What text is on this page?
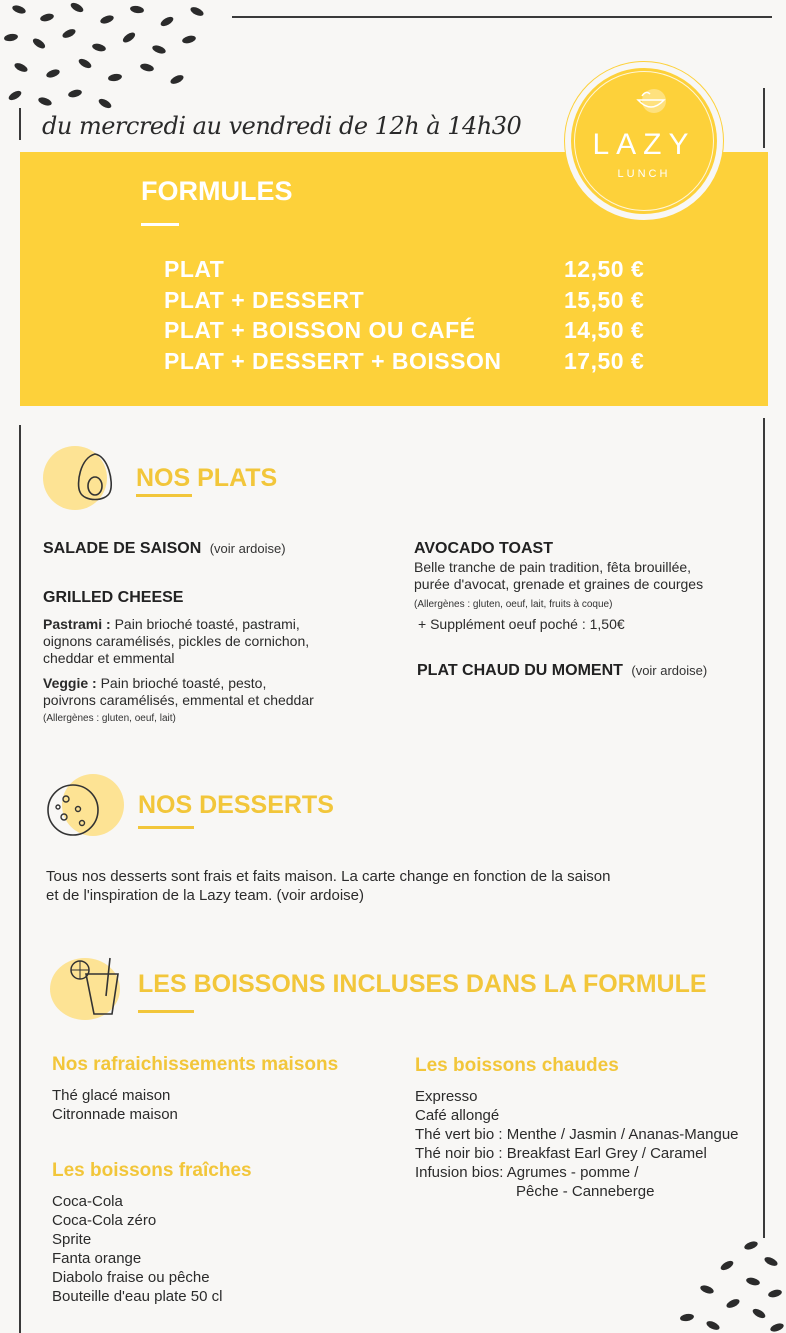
du mercredi au vendredi de 12h à 14h30
FORMULES
PLAT	12,50 €
PLAT + DESSERT	15,50 €
PLAT + BOISSON OU CAFÉ	14,50 €
PLAT + DESSERT + BOISSON	17,50 €
LAZY
LUNCH
NOS PLATS
SALADE DE SAISON (voir ardoise)
GRILLED CHEESE
Pastrami : Pain brioché toasté, pastrami,
oignons caramélisés, pickles de cornichon,
cheddar et emmental
Veggie : Pain brioché toasté, pesto,
poivrons caramélisés, emmental et cheddar
(Allergènes : gluten, oeuf, lait)
AVOCADO TOAST
Belle tranche de pain tradition, fêta brouillée,
purée d'avocat, grenade et graines de courges
(Allergènes : gluten, oeuf, lait, fruits à coque)
+ Supplément oeuf poché : 1,50€
PLAT CHAUD DU MOMENT (voir ardoise)
NOS DESSERTS
Tous nos desserts sont frais et faits maison. La carte change en fonction de la saison
et de l'inspiration de la Lazy team. (voir ardoise)
LES BOISSONS INCLUSES DANS LA FORMULE
Nos rafraichissements maisons
Thé glacé maison
Citronnade maison
Les boissons fraîches
Coca-Cola
Coca-Cola zéro
Sprite
Fanta orange
Diabolo fraise ou pêche
Bouteille d'eau plate 50 cl
Les boissons chaudes
Expresso
Café allongé
Thé vert bio : Menthe / Jasmin / Ananas-Mangue
Thé noir bio : Breakfast Earl Grey / Caramel
Infusion bios: Agrumes - pomme /
Pêche - Canneberge
